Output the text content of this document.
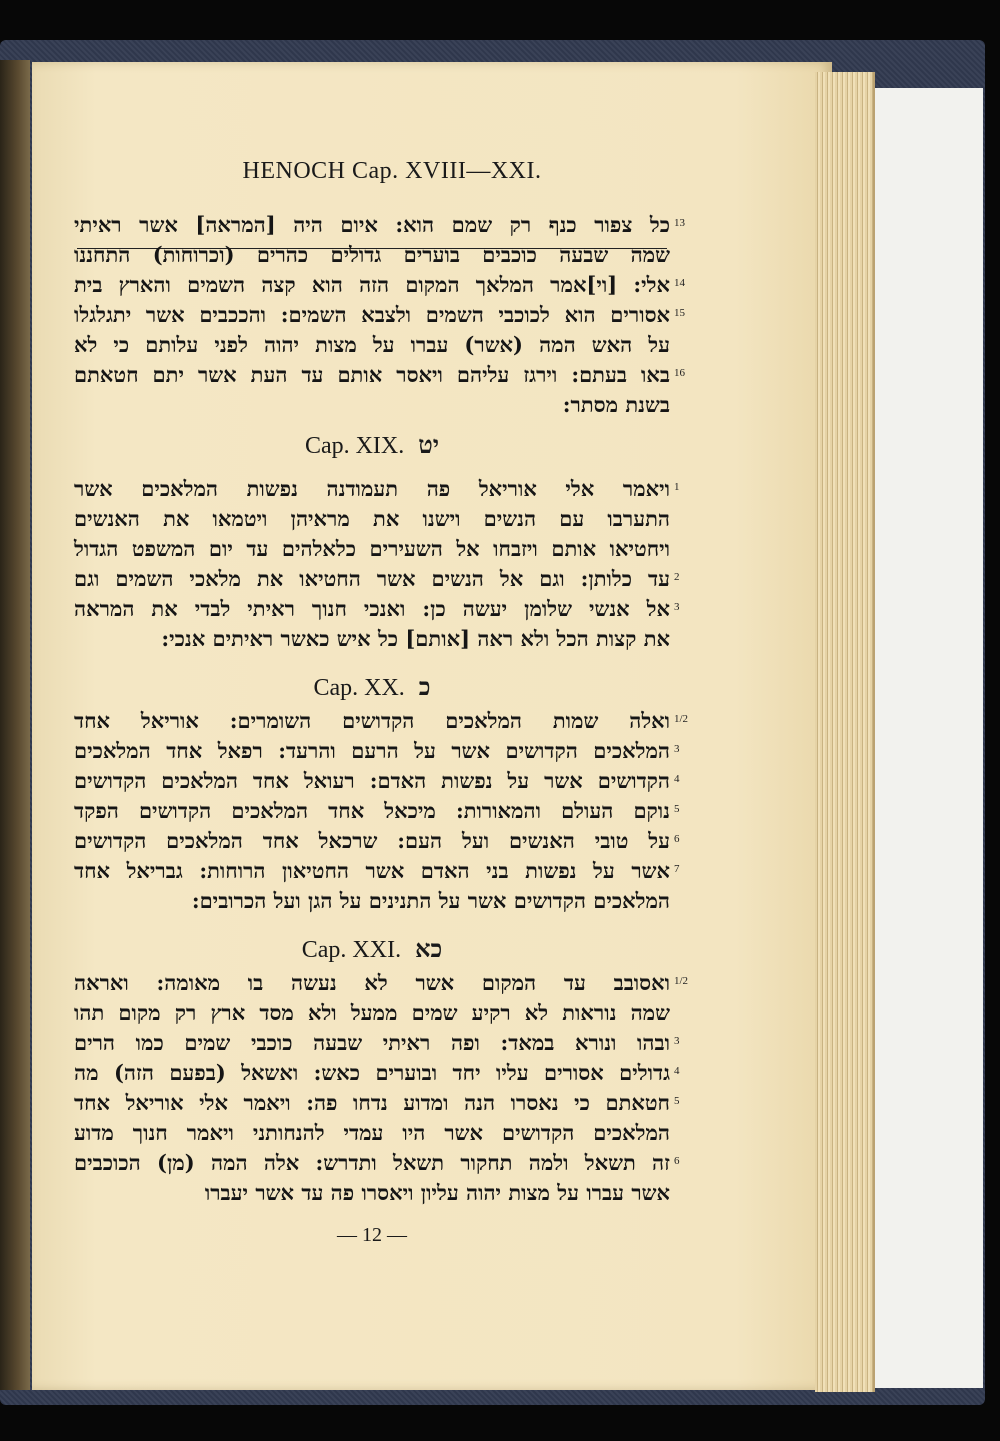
HENOCH Cap. XVIII—XXI.
כל צפור כנף רק שמם הוא: איום היה [המראה] אשר ראיתי 13
שמה שבעה כוכבים בוערים גדולים כהרים (וכרוחות) התחננו
אלי: [וי]אמר המלאך המקום הזה הוא קצה השמים והארץ בית 14
אסורים הוא לכוכבי השמים ולצבא השמים: והככבים אשר יתגלגלו 15
על האש המה (אשר) עברו על מצות יהוה לפני עלותם כי לא
באו בעתם: וירגז עליהם ויאסר אותם עד העת אשר יתם חטאתם 16
בשנת מסתר:
Cap. XIX. יט
ויאמר אלי אוריאל פה תעמודנה נפשות המלאכים אשר 1
התערבו עם הנשים וישנו את מראיהן ויטמאו את האנשים
ויחטיאו אותם ויזבחו אל השעירים כלאלהים עד יום המשפט הגדול
עד כלותן: וגם אל הנשים אשר החטיאו את מלאכי השמים וגם 2
אל אנשי שלומן יעשה כן: ואנכי חנוך ראיתי לבדי את המראה 3
את קצות הכל ולא ראה [אותם] כל איש כאשר ראיתים אנכי:
Cap. XX. כ
ואלה שמות המלאכים הקדושים השומרים: אוריאל אחד 1/2
המלאכים הקדושים אשר על הרעם והרעד: רפאל אחד המלאכים 3
הקדושים אשר על נפשות האדם: רעואל אחד המלאכים הקדושים 4
נוקם העולם והמאורות: מיכאל אחד המלאכים הקדושים הפקד 5
על טובי האנשים ועל העם: שרכאל אחד המלאכים הקדושים 6
אשר על נפשות בני האדם אשר החטיאון הרוחות: גבריאל אחד 7
המלאכים הקדושים אשר על התנינים על הגן ועל הכרובים:
Cap. XXI. כא
ואסובב עד המקום אשר לא נעשה בו מאומה: ואראה 1/2
שמה נוראות לא רקיע שמים ממעל ולא מסד ארץ רק מקום תהו
ובהו ונורא במאד: ופה ראיתי שבעה כוכבי שמים כמו הרים 3
גדולים אסורים עליו יחד ובוערים כאש: ואשאל (בפעם הזה) מה 4
חטאתם כי נאסרו הנה ומדוע נדחו פה: ויאמר אלי אוריאל אחד 5
המלאכים הקדושים אשר היו עמדי להנחותני ויאמר חנוך מדוע
זה תשאל ולמה תחקור תשאל ותדרש: אלה המה (מן) הכוכבים 6
אשר עברו על מצות יהוה עליון ויאסרו פה עד אשר יעברו
— 12 —
